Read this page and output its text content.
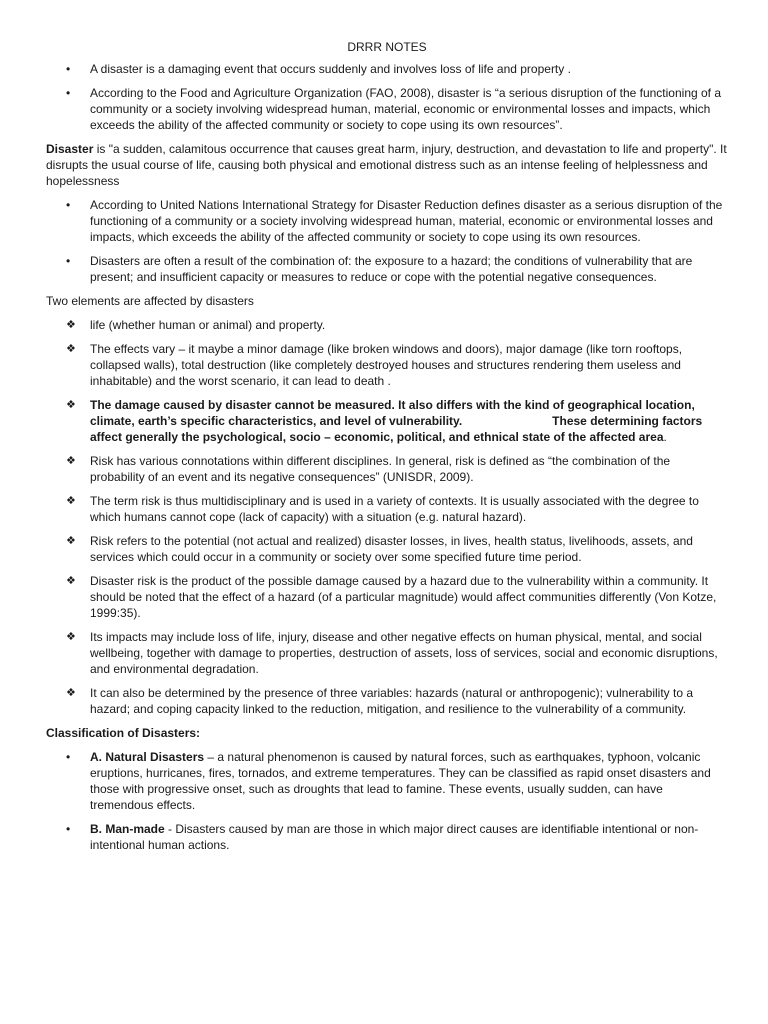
DRRR NOTES
• A disaster is a damaging event that occurs suddenly and involves loss of life and property .
• According to the Food and Agriculture Organization (FAO, 2008), disaster is “a serious disruption of the functioning of a community or a society involving widespread human, material, economic or environmental losses and impacts, which exceeds the ability of the affected community or society to cope using its own resources”.

Disaster is "a sudden, calamitous occurrence that causes great harm, injury, destruction, and devastation to life and property". It disrupts the usual course of life, causing both physical and emotional distress such as an intense feeling of helplessness and hopelessness

• According to United Nations International Strategy for Disaster Reduction defines disaster as a serious disruption of the functioning of a community or a society involving widespread human, material, economic or environmental losses and impacts, which exceeds the ability of the affected community or society to cope using its own resources.
• Disasters are often a result of the combination of: the exposure to a hazard; the conditions of vulnerability that are present; and insufficient capacity or measures to reduce or cope with the potential negative consequences.

Two elements are affected by disasters

❖ life (whether human or animal) and property.
❖ The effects vary – it maybe a minor damage (like broken windows and doors), major damage (like torn rooftops, collapsed walls), total destruction (like completely destroyed houses and structures rendering them useless and inhabitable) and the worst scenario, it can lead to death .
❖ The damage caused by disaster cannot be measured. It also differs with the kind of geographical location, climate, earth’s specific characteristics, and level of vulnerability.	These determining factors affect generally the psychological, socio – economic, political, and ethnical state of the affected area.
❖ Risk has various connotations within different disciplines. In general, risk is defined as “the combination of the probability of an event and its negative consequences” (UNISDR, 2009).
❖ The term risk is thus multidisciplinary and is used in a variety of contexts. It is usually associated with the degree to which humans cannot cope (lack of capacity) with a situation (e.g. natural hazard).
❖ Risk refers to the potential (not actual and realized) disaster losses, in lives, health status, livelihoods, assets, and services which could occur in a community or society over some specified future time period.
❖ Disaster risk is the product of the possible damage caused by a hazard due to the vulnerability within a community. It should be noted that the effect of a hazard (of a particular magnitude) would affect communities differently (Von Kotze, 1999:35).
❖ Its impacts may include loss of life, injury, disease and other negative effects on human physical, mental, and social wellbeing, together with damage to properties, destruction of assets, loss of services, social and economic disruptions, and environmental degradation.
❖ It can also be determined by the presence of three variables: hazards (natural or anthropogenic); vulnerability to a hazard; and coping capacity linked to the reduction, mitigation, and resilience to the vulnerability of a community.

Classification of Disasters:

• A. Natural Disasters – a natural phenomenon is caused by natural forces, such as earthquakes, typhoon, volcanic eruptions, hurricanes, fires, tornados, and extreme temperatures. They can be classified as rapid onset disasters and those with progressive onset, such as droughts that lead to famine. These events, usually sudden, can have tremendous effects.
• B. Man-made - Disasters caused by man are those in which major direct causes are identifiable intentional or non-intentional human actions.
